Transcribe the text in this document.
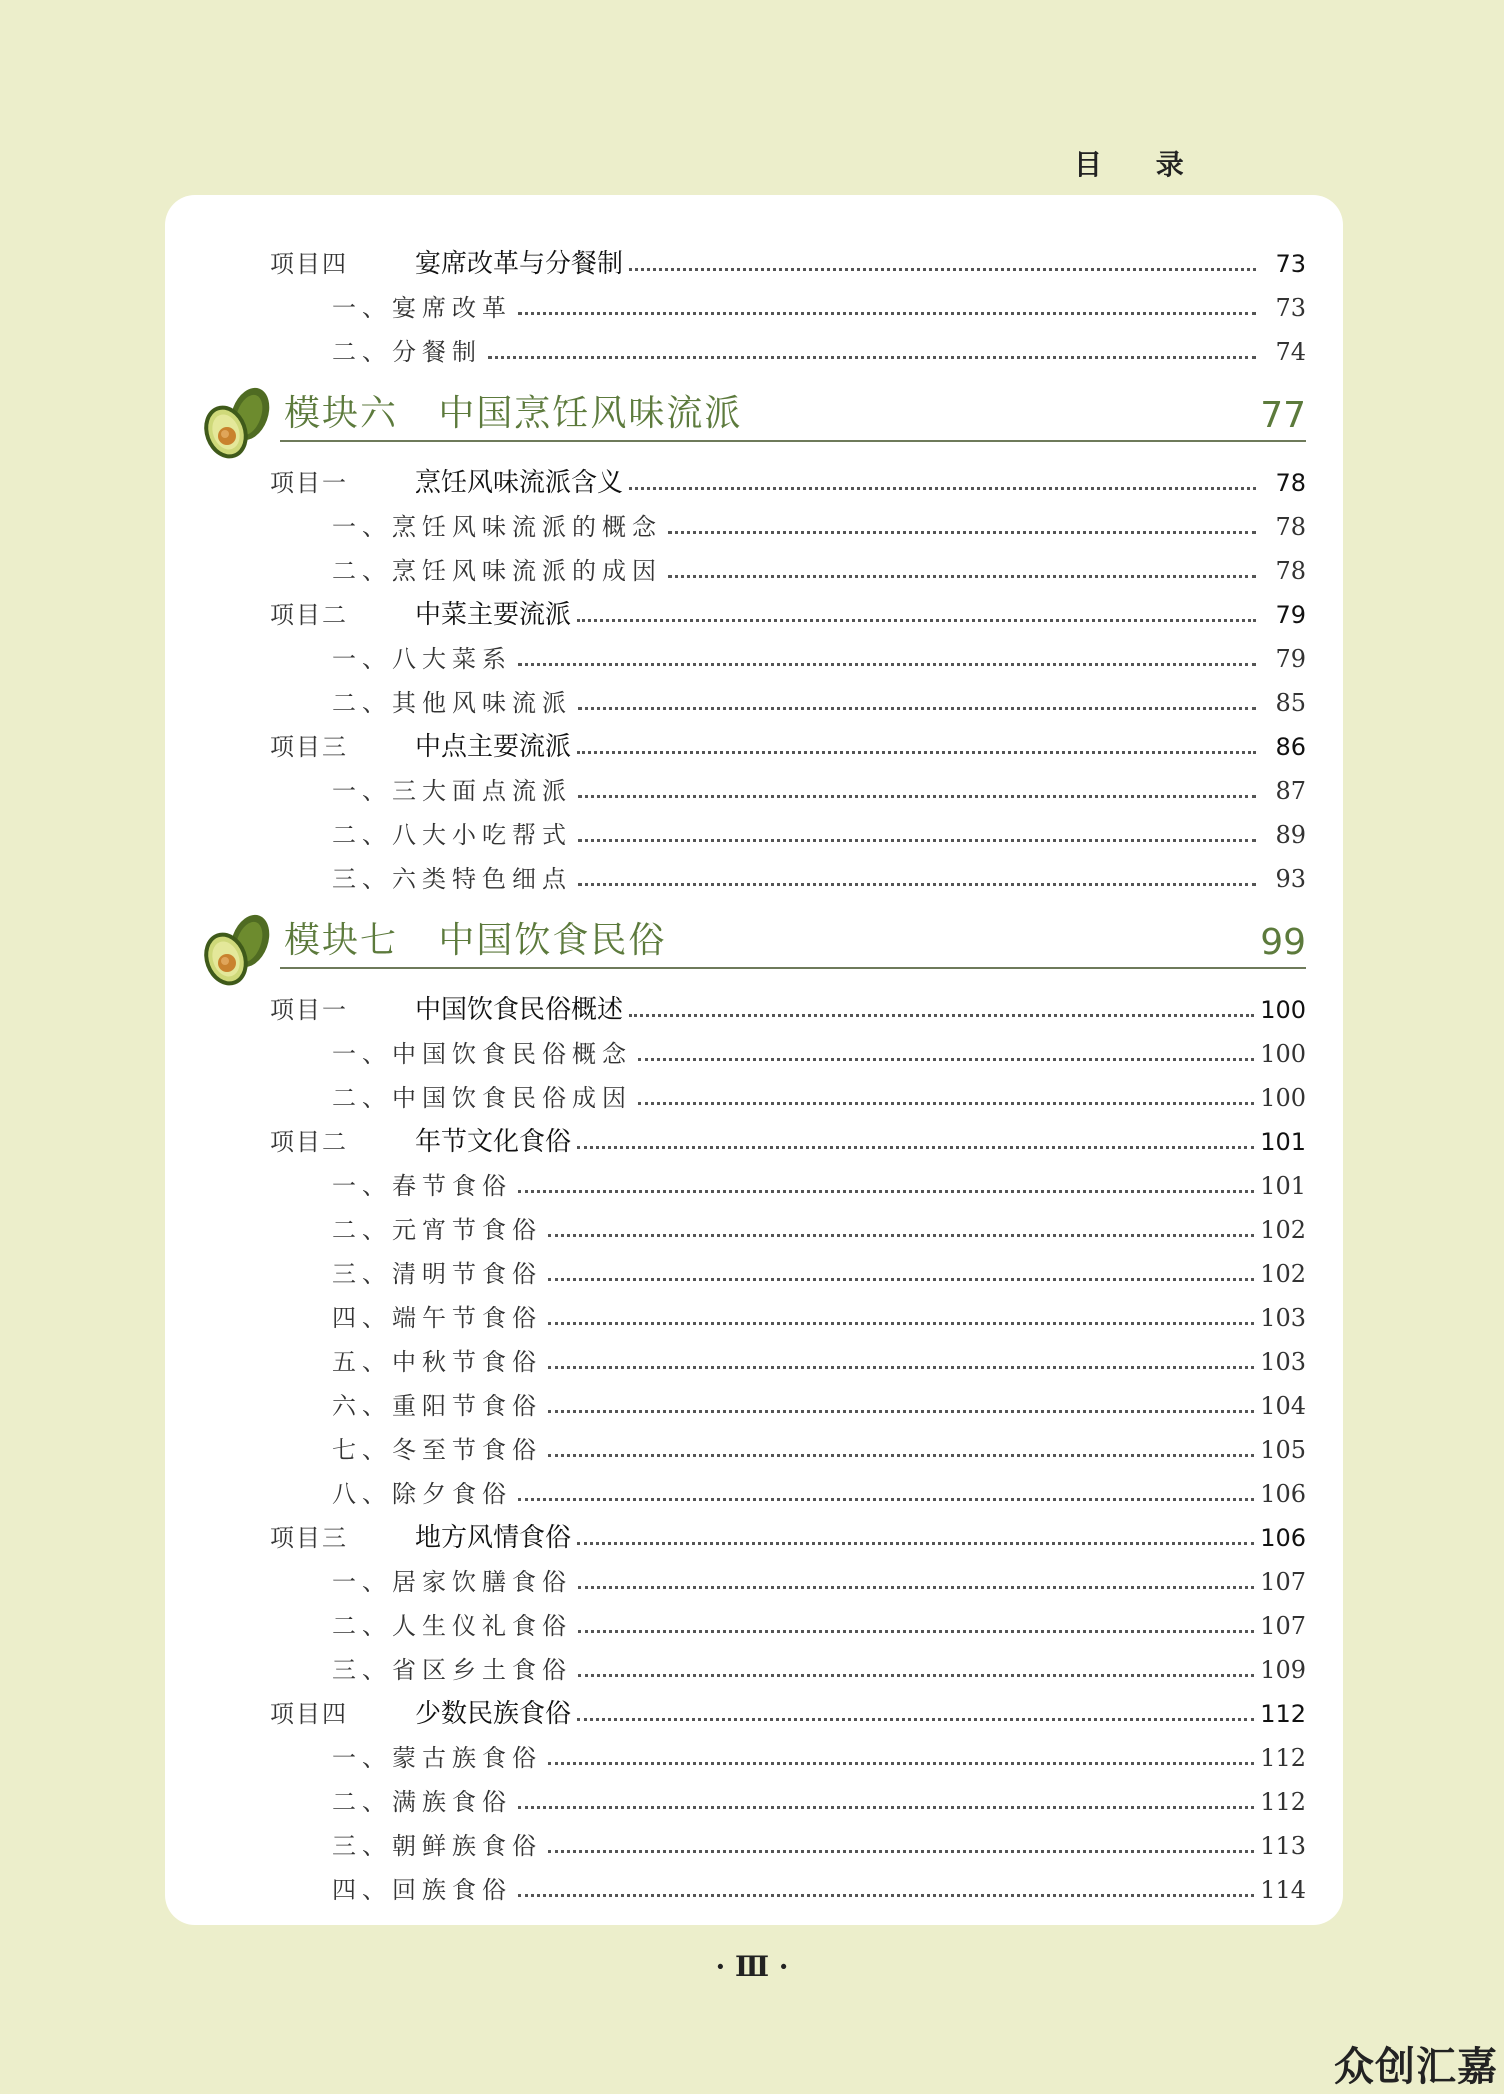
目 录
项目四	宴席改革与分餐制	73
一、宴席改革	73
二、分餐制	74
模块六   中国烹饪风味流派	77
项目一	烹饪风味流派含义	78
一、烹饪风味流派的概念	78
二、烹饪风味流派的成因	78
项目二	中菜主要流派	79
一、八大菜系	79
二、其他风味流派	85
项目三	中点主要流派	86
一、三大面点流派	87
二、八大小吃帮式	89
三、六类特色细点	93
模块七   中国饮食民俗	99
项目一	中国饮食民俗概述	100
一、中国饮食民俗概念	100
二、中国饮食民俗成因	100
项目二	年节文化食俗	101
一、春节食俗	101
二、元宵节食俗	102
三、清明节食俗	102
四、端午节食俗	103
五、中秋节食俗	103
六、重阳节食俗	104
七、冬至节食俗	105
八、除夕食俗	106
项目三	地方风情食俗	106
一、居家饮膳食俗	107
二、人生仪礼食俗	107
三、省区乡土食俗	109
项目四	少数民族食俗	112
一、蒙古族食俗	112
二、满族食俗	112
三、朝鲜族食俗	113
四、回族食俗	114
· Ⅲ ·
众创汇嘉
